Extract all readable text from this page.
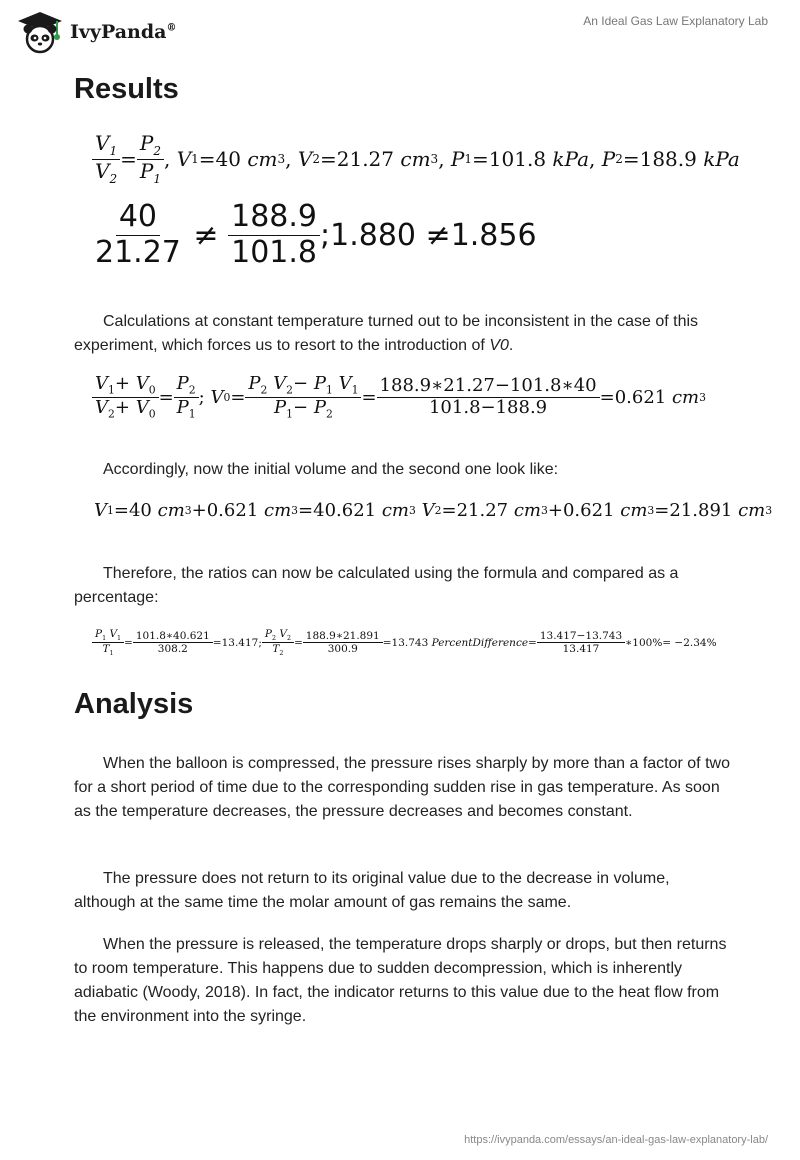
IvyPanda®
An Ideal Gas Law Explanatory Lab
Results
$\frac{V_1}{V_2} = \frac{P_2}{P_1}$ , V 1 = 40
cm 3 , V 2 = 21.27
cm 3 , P 1 = 101.8
kPa , P 2 = 188.9
kPa
$\frac{40}{21.27} \ne \frac{188.9}{101.8}$ ; 1.880 ≠ 1.856

Calculations at constant temperature turned out to be inconsistent in the case of this experiment, which forces us to resort to the introduction of V0.

$\frac{V_1+ V_0}{V_2+ V_0} = \frac{P_2}{P_1}$ ; V $0 = \frac{P_2 V_2- P_1 V_1}{P_1- P_2} = \frac{188.9∗21.27-101.8∗40}{101.8-188.9} = 0.621$
cm 3

Accordingly, now the initial volume and the second one look like:

V 1 = 40
cm 3 + 0.621
cm 3 = 40.621
cm 3
V 2 = 21.27
cm 3 + 0.621
cm 3 = 21.891
cm 3

Therefore, the ratios can now be calculated using the formula and compared as a percentage:

$\frac{P_1 V_1}{T_1} = \frac{101.8∗40.621}{308.2} = 13.417$ ; $\frac{P_2 V_2}{T_2} = \frac{188.9∗21.891}{300.9} = 13.743$
PercentDifference = $\frac{13.417-13.743}{13.417}$ ∗100%= −2.34%
Analysis

When the balloon is compressed, the pressure rises sharply by more than a factor of two for a short period of time due to the corresponding sudden rise in gas temperature. As soon as the temperature decreases, the pressure decreases and becomes constant.

The pressure does not return to its original value due to the decrease in volume, although at the same time the molar amount of gas remains the same.

When the pressure is released, the temperature drops sharply or drops, but then returns to room temperature. This happens due to sudden decompression, which is inherently adiabatic (Woody, 2018). In fact, the indicator returns to this value due to the heat flow from the environment into the syringe.

https://ivypanda.com/essays/an-ideal-gas-law-explanatory-lab/
